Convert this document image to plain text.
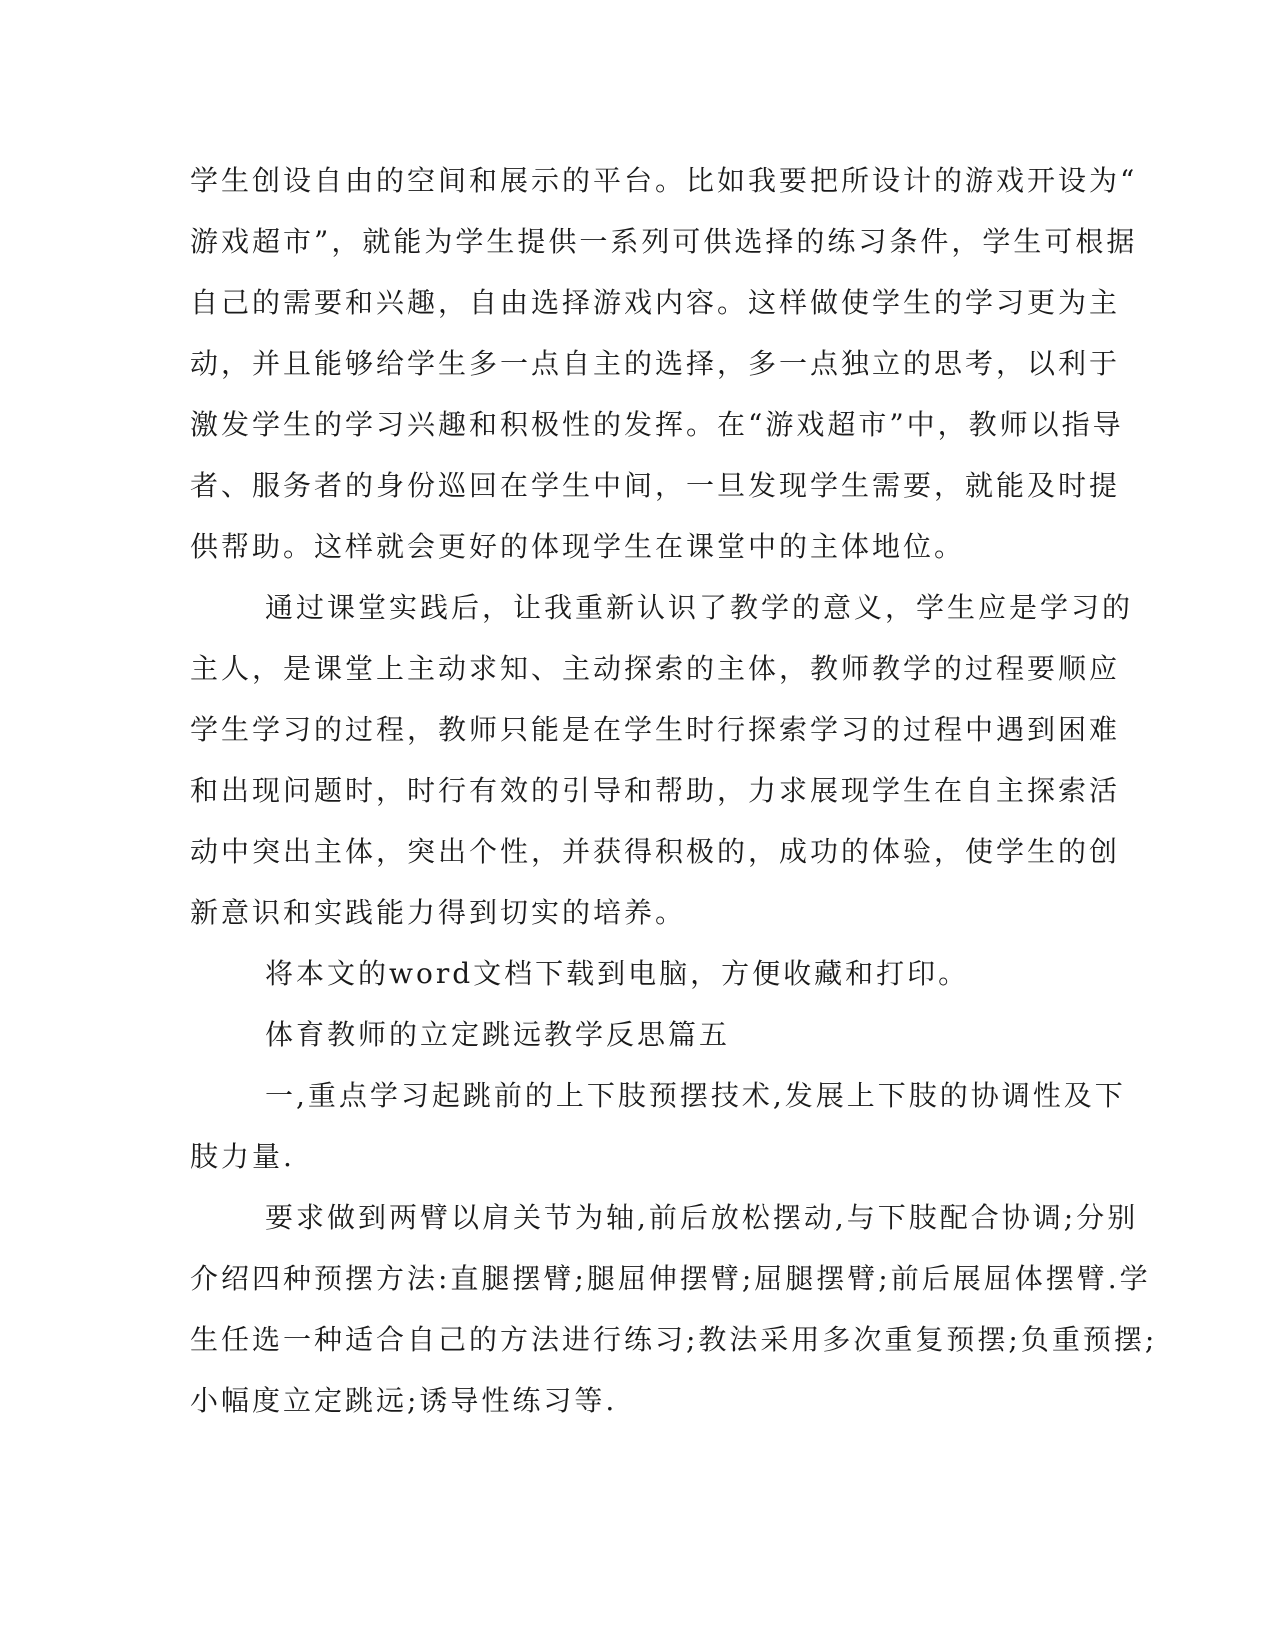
学生创设自由的空间和展示的平台。比如我要把所设计的游戏开设为“
游戏超市”，就能为学生提供一系列可供选择的练习条件，学生可根据
自己的需要和兴趣，自由选择游戏内容。这样做使学生的学习更为主
动，并且能够给学生多一点自主的选择，多一点独立的思考，以利于
激发学生的学习兴趣和积极性的发挥。在“游戏超市”中，教师以指导
者、服务者的身份巡回在学生中间，一旦发现学生需要，就能及时提
供帮助。这样就会更好的体现学生在课堂中的主体地位。
通过课堂实践后，让我重新认识了教学的意义，学生应是学习的
主人，是课堂上主动求知、主动探索的主体，教师教学的过程要顺应
学生学习的过程，教师只能是在学生时行探索学习的过程中遇到困难
和出现问题时，时行有效的引导和帮助，力求展现学生在自主探索活
动中突出主体，突出个性，并获得积极的，成功的体验，使学生的创
新意识和实践能力得到切实的培养。
将本文的word文档下载到电脑，方便收藏和打印。
体育教师的立定跳远教学反思篇五
一,重点学习起跳前的上下肢预摆技术,发展上下肢的协调性及下
肢力量.
要求做到两臂以肩关节为轴,前后放松摆动,与下肢配合协调;分别
介绍四种预摆方法:直腿摆臂;腿屈伸摆臂;屈腿摆臂;前后展屈体摆臂.学
生任选一种适合自己的方法进行练习;教法采用多次重复预摆;负重预摆;
小幅度立定跳远;诱导性练习等.
